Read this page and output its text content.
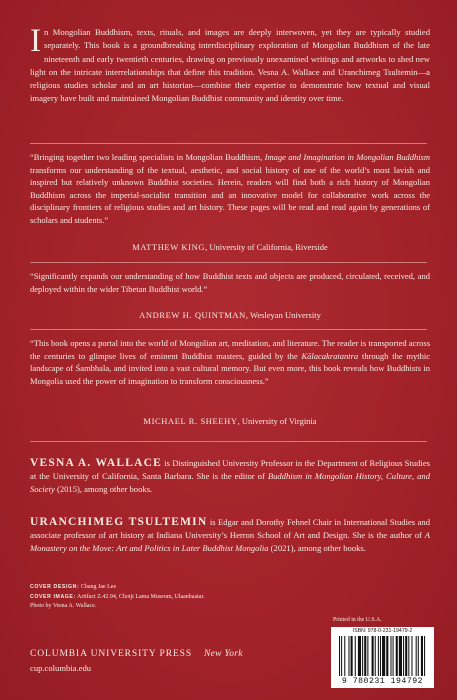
In Mongolian Buddhism, texts, rituals, and images are deeply interwoven, yet they are typically studied separately. This book is a groundbreaking interdisciplinary exploration of Mongolian Buddhism of the late nineteenth and early twentieth centuries, drawing on previously unexamined writings and artworks to shed new light on the intricate interrelationships that define this tradition. Vesna A. Wallace and Uranchimeg Tsultemin—a religious studies scholar and an art historian—combine their expertise to demonstrate how textual and visual imagery have built and maintained Mongolian Buddhist community and identity over time.
“Bringing together two leading specialists in Mongolian Buddhism, Image and Imagination in Mongolian Buddhism transforms our understanding of the textual, aesthetic, and social history of one of the world’s most lavish and inspired but relatively unknown Buddhist societies. Herein, readers will find both a rich history of Mongolian Buddhism across the imperial-socialist transition and an innovative model for collaborative work across the disciplinary frontiers of religious studies and art history. These pages will be read and read again by generations of scholars and students.”
MATTHEW KING, University of California, Riverside
“Significantly expands our understanding of how Buddhist texts and objects are produced, circulated, received, and deployed within the wider Tibetan Buddhist world.”
ANDREW H. QUINTMAN, Wesleyan University
“This book opens a portal into the world of Mongolian art, meditation, and literature. The reader is transported across the centuries to glimpse lives of eminent Buddhist masters, guided by the Kālacakratantra through the mythic landscape of Śambhala, and invited into a vast cultural memory. But even more, this book reveals how Buddhists in Mongolia used the power of imagination to transform consciousness.”
MICHAEL R. SHEEHY, University of Virginia
VESNA A. WALLACE is Distinguished University Professor in the Department of Religious Studies at the University of California, Santa Barbara. She is the editor of Buddhism in Mongolian History, Culture, and Society (2015), among other books.
URANCHIMEG TSULTEMIN is Edgar and Dorothy Fehnel Chair in International Studies and associate professor of art history at Indiana University’s Herron School of Art and Design. She is the author of A Monastery on the Move: Art and Politics in Later Buddhist Mongolia (2021), among other books.
COVER DESIGN: Chang Jae Lee
COVER IMAGE: Artifact Z.42.94, Choiji Lama Museum, Ulaanbaatar.
Photo by Vesna A. Wallace.
Printed in the U.S.A.
COLUMBIA UNIVERSITY PRESS New York
cup.columbia.edu
ISBN: 978-0-231-19479-2
9 780231 194792
